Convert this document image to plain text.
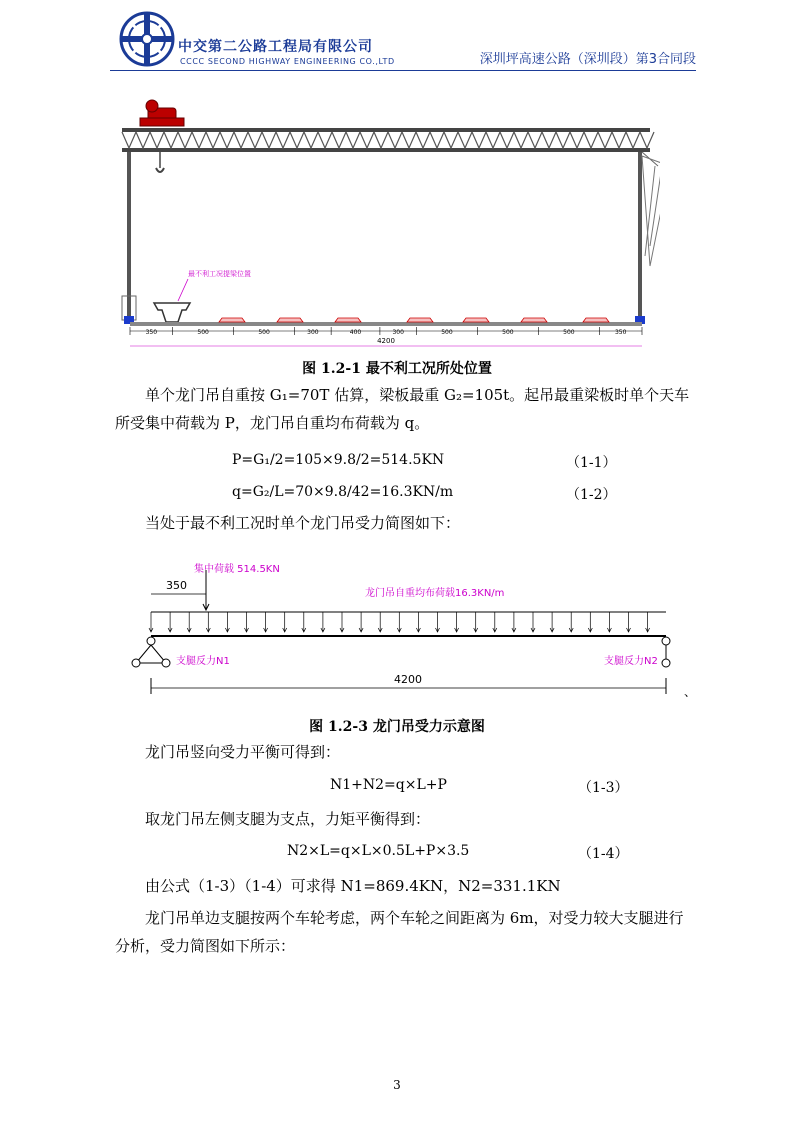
中交第二公路工程局有限公司
CCCC SECOND HIGHWAY ENGINEERING CO.,LTD	深圳坪高速公路（深圳段）第3合同段
最不利工况提梁位置
350	500	500	300	400	300	500	500	500	350
4200
图 1.2-1 最不利工况所处位置
单个龙门吊自重按 G₁=70T 估算，梁板最重 G₂=105t。起吊最重梁板时单个天车所受集中荷载为 P，龙门吊自重均布荷载为 q。
P=G₁/2=105×9.8/2=514.5KN	（1-1）
q=G₂/L=70×9.8/42=16.3KN/m	（1-2）
当处于最不利工况时单个龙门吊受力简图如下：
集中荷载 514.5KN
350
龙门吊自重均布荷载16.3KN/m
支腿反力N1	支腿反力N2
4200
、
图 1.2-3 龙门吊受力示意图
龙门吊竖向受力平衡可得到：
N1+N2=q×L+P	（1-3）
取龙门吊左侧支腿为支点，力矩平衡得到：
N2×L=q×L×0.5L+P×3.5	（1-4）
由公式（1-3）（1-4）可求得 N1=869.4KN，N2=331.1KN
龙门吊单边支腿按两个车轮考虑，两个车轮之间距离为 6m，对受力较大支腿进行分析，受力简图如下所示：
3
